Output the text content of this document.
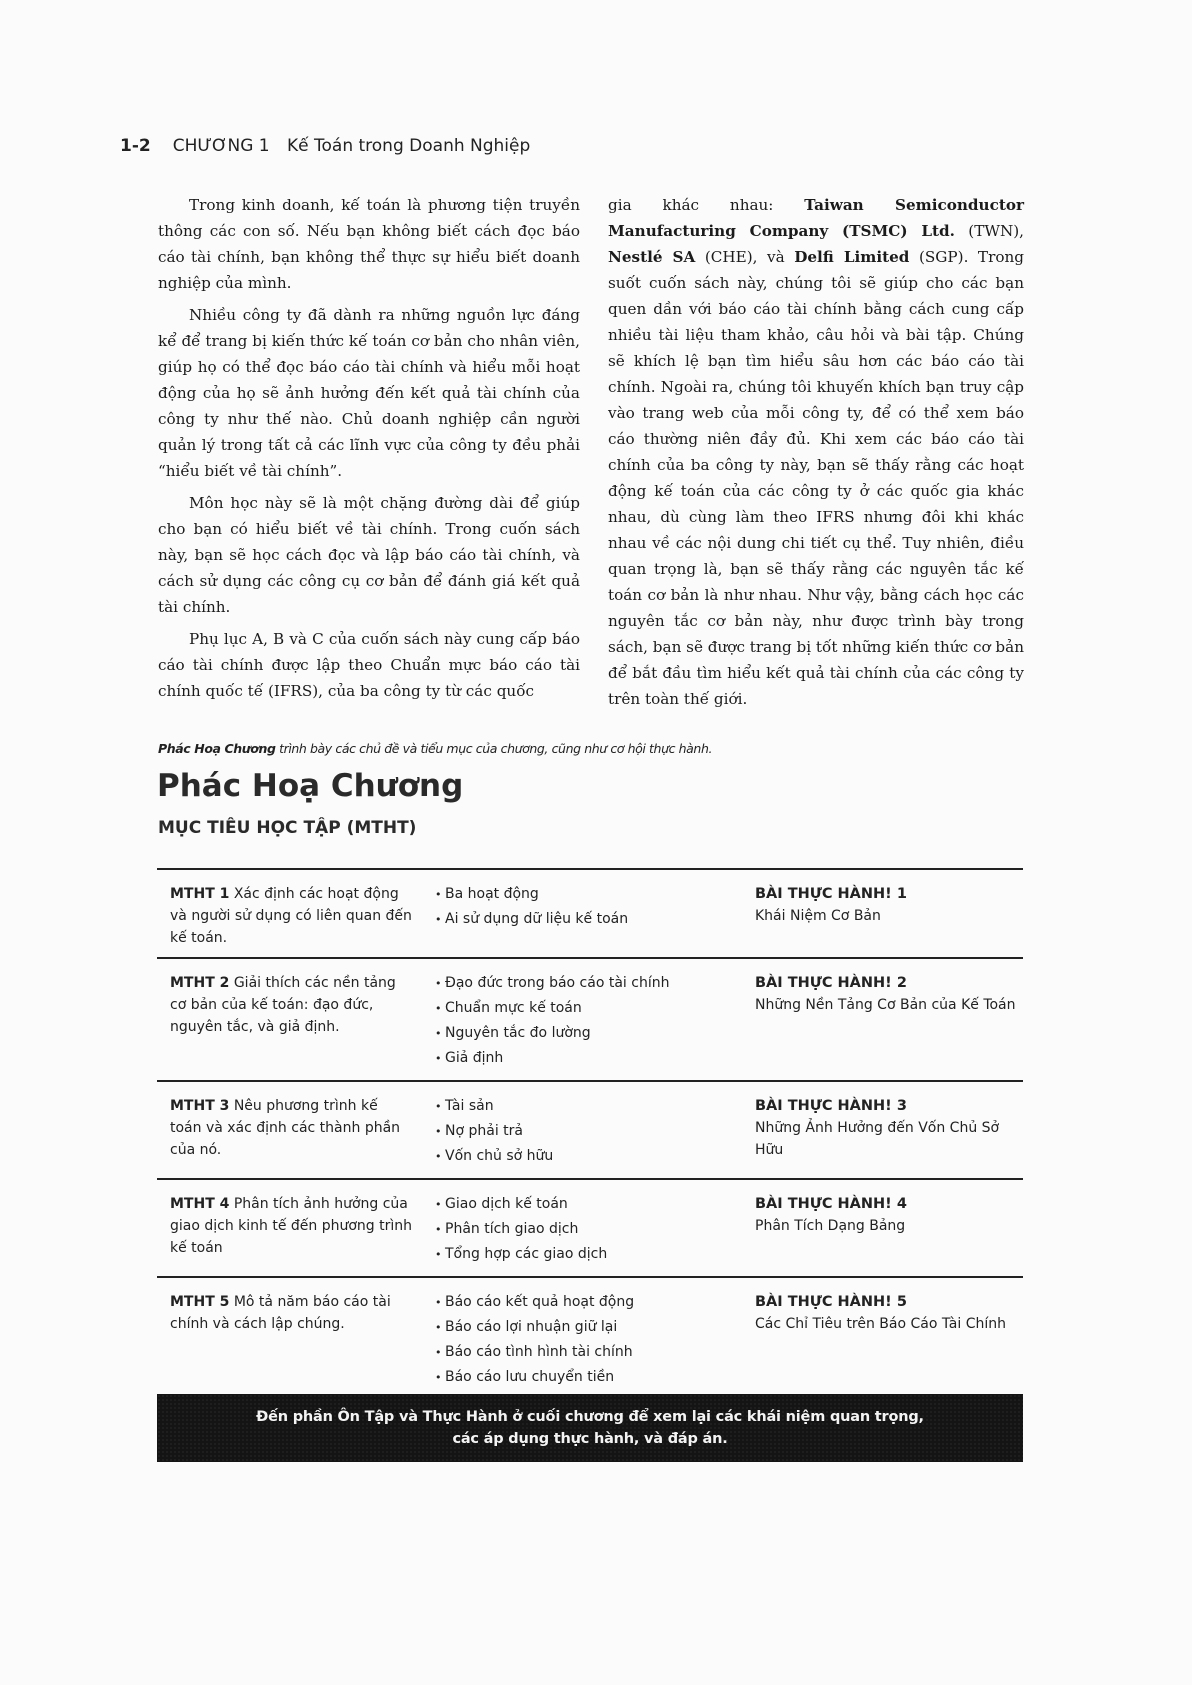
1-2 CHƯƠNG 1 Kế Toán trong Doanh Nghiệp

Trong kinh doanh, kế toán là phương tiện truyền thông các con số. Nếu bạn không biết cách đọc báo cáo tài chính, bạn không thể thực sự hiểu biết doanh nghiệp của mình.

Nhiều công ty đã dành ra những nguồn lực đáng kể để trang bị kiến thức kế toán cơ bản cho nhân viên, giúp họ có thể đọc báo cáo tài chính và hiểu mỗi hoạt động của họ sẽ ảnh hưởng đến kết quả tài chính của công ty như thế nào. Chủ doanh nghiệp cần người quản lý trong tất cả các lĩnh vực của công ty đều phải “hiểu biết về tài chính”.

Môn học này sẽ là một chặng đường dài để giúp cho bạn có hiểu biết về tài chính. Trong cuốn sách này, bạn sẽ học cách đọc và lập báo cáo tài chính, và cách sử dụng các công cụ cơ bản để đánh giá kết quả tài chính.

Phụ lục A, B và C của cuốn sách này cung cấp báo cáo tài chính được lập theo Chuẩn mực báo cáo tài chính quốc tế (IFRS), của ba công ty từ các quốc

gia khác nhau: Taiwan Semiconductor Manufacturing Company (TSMC) Ltd. (TWN), Nestlé SA (CHE), và Delfi Limited (SGP). Trong suốt cuốn sách này, chúng tôi sẽ giúp cho các bạn quen dần với báo cáo tài chính bằng cách cung cấp nhiều tài liệu tham khảo, câu hỏi và bài tập. Chúng sẽ khích lệ bạn tìm hiểu sâu hơn các báo cáo tài chính. Ngoài ra, chúng tôi khuyến khích bạn truy cập vào trang web của mỗi công ty, để có thể xem báo cáo thường niên đầy đủ. Khi xem các báo cáo tài chính của ba công ty này, bạn sẽ thấy rằng các hoạt động kế toán của các công ty ở các quốc gia khác nhau, dù cùng làm theo IFRS nhưng đôi khi khác nhau về các nội dung chi tiết cụ thể. Tuy nhiên, điều quan trọng là, bạn sẽ thấy rằng các nguyên tắc kế toán cơ bản là như nhau. Như vậy, bằng cách học các nguyên tắc cơ bản này, như được trình bày trong sách, bạn sẽ được trang bị tốt những kiến thức cơ bản để bắt đầu tìm hiểu kết quả tài chính của các công ty trên toàn thế giới.

Phác Hoạ Chương trình bày các chủ đề và tiểu mục của chương, cũng như cơ hội thực hành.
Phác Hoạ Chương
MỤC TIÊU HỌC TẬP (MTHT)
MTHT 1 Xác định các hoạt động và người sử dụng có liên quan đến kế toán.
• Ba hoạt động
• Ai sử dụng dữ liệu kế toán
BÀI THỰC HÀNH! 1
Khái Niệm Cơ Bản
MTHT 2 Giải thích các nền tảng cơ bản của kế toán: đạo đức, nguyên tắc, và giả định.
• Đạo đức trong báo cáo tài chính
• Chuẩn mực kế toán
• Nguyên tắc đo lường
• Giả định
BÀI THỰC HÀNH! 2
Những Nền Tảng Cơ Bản của Kế Toán
MTHT 3 Nêu phương trình kế toán và xác định các thành phần của nó.
• Tài sản
• Nợ phải trả
• Vốn chủ sở hữu
BÀI THỰC HÀNH! 3
Những Ảnh Hưởng đến Vốn Chủ Sở Hữu
MTHT 4 Phân tích ảnh hưởng của giao dịch kinh tế đến phương trình kế toán
• Giao dịch kế toán
• Phân tích giao dịch
• Tổng hợp các giao dịch
BÀI THỰC HÀNH! 4
Phân Tích Dạng Bảng
MTHT 5 Mô tả năm báo cáo tài chính và cách lập chúng.
• Báo cáo kết quả hoạt động
• Báo cáo lợi nhuận giữ lại
• Báo cáo tình hình tài chính
• Báo cáo lưu chuyển tiền
•
BÀI THỰC HÀNH! 5
Các Chỉ Tiêu trên Báo Cáo Tài Chính
Đến phần Ôn Tập và Thực Hành ở cuối chương để xem lại các khái niệm quan trọng,
các áp dụng thực hành, và đáp án.
